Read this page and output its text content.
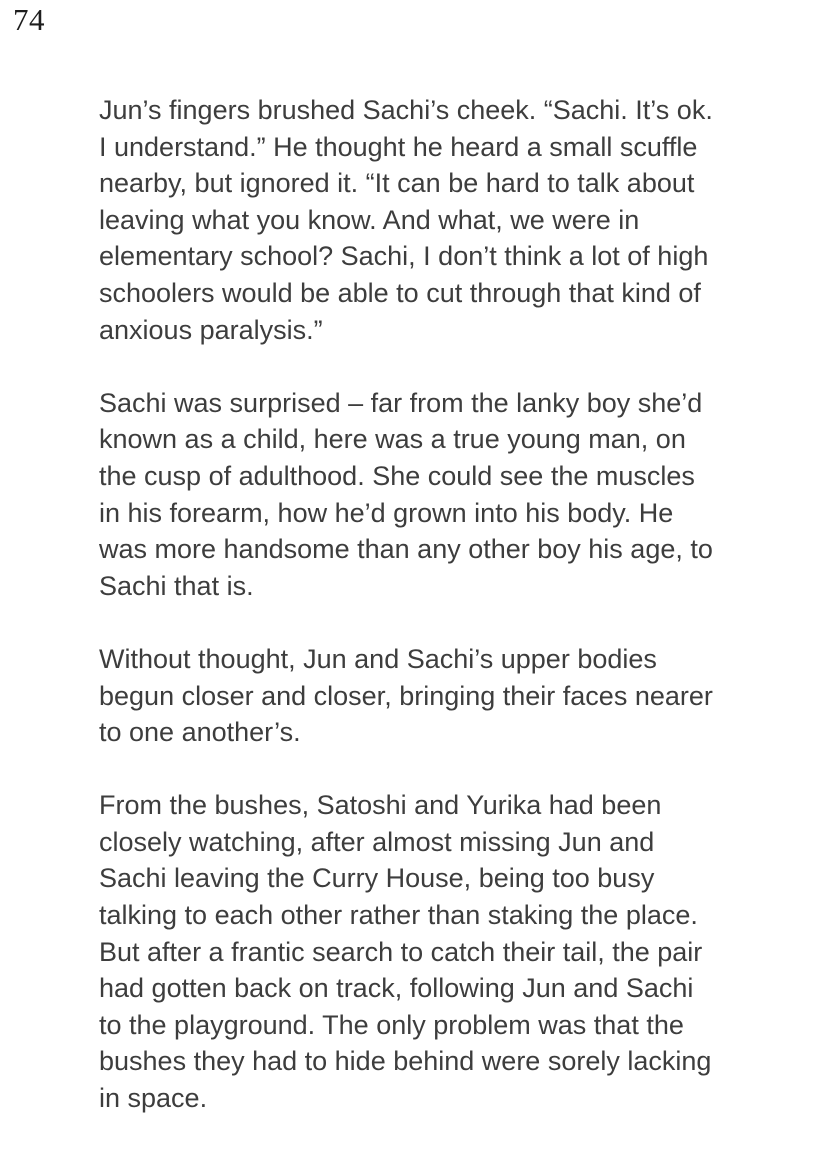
74

Jun’s fingers brushed Sachi’s cheek. “Sachi. It’s ok.
I understand.” He thought he heard a small scuffle
nearby, but ignored it. “It can be hard to talk about
leaving what you know. And what, we were in
elementary school? Sachi, I don’t think a lot of high
schoolers would be able to cut through that kind of
anxious paralysis.”

Sachi was surprised – far from the lanky boy she’d
known as a child, here was a true young man, on
the cusp of adulthood. She could see the muscles
in his forearm, how he’d grown into his body. He
was more handsome than any other boy his age, to
Sachi that is.

Without thought, Jun and Sachi’s upper bodies
begun closer and closer, bringing their faces nearer
to one another’s.

From the bushes, Satoshi and Yurika had been
closely watching, after almost missing Jun and
Sachi leaving the Curry House, being too busy
talking to each other rather than staking the place.
But after a frantic search to catch their tail, the pair
had gotten back on track, following Jun and Sachi
to the playground. The only problem was that the
bushes they had to hide behind were sorely lacking
in space.
